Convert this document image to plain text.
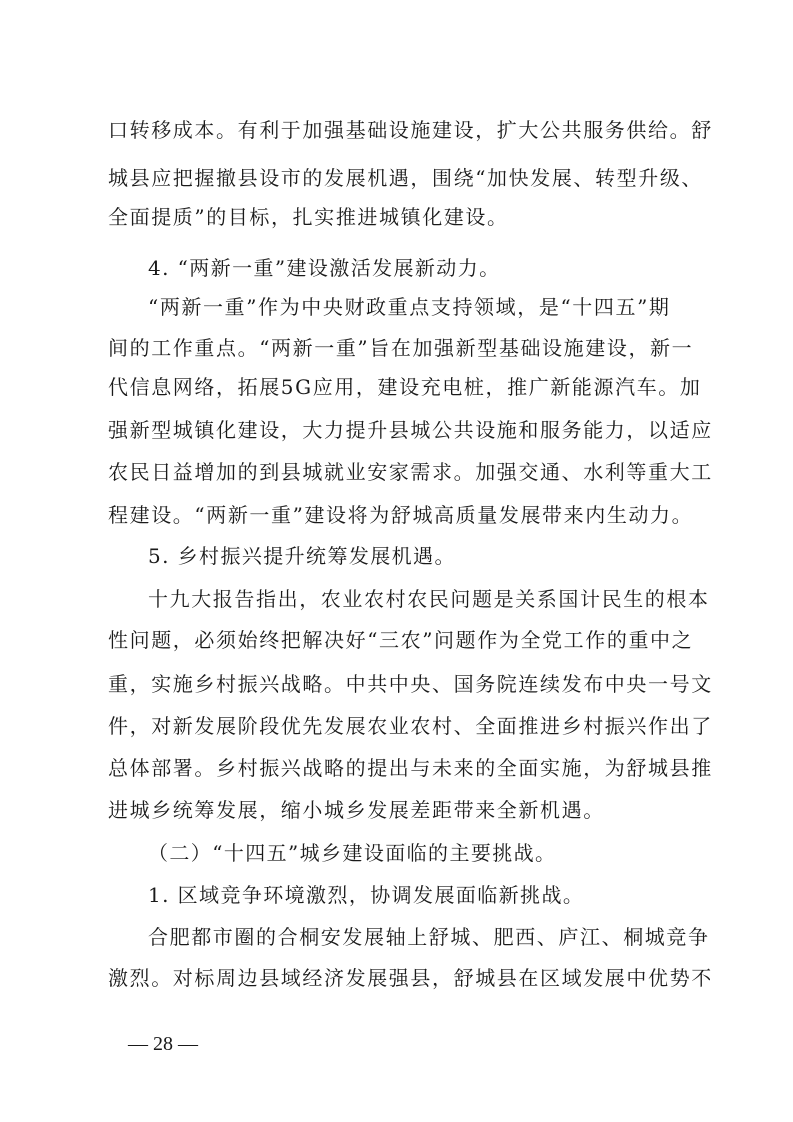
口转移成本。有利于加强基础设施建设，扩大公共服务供给。舒
城县应把握撤县设市的发展机遇，围绕“加快发展、转型升级、
全面提质”的目标，扎实推进城镇化建设。
4. “两新一重”建设激活发展新动力。
“两新一重”作为中央财政重点支持领域，是“十四五”期
间的工作重点。“两新一重”旨在加强新型基础设施建设，新一
代信息网络，拓展5G应用，建设充电桩，推广新能源汽车。加
强新型城镇化建设，大力提升县城公共设施和服务能力，以适应
农民日益增加的到县城就业安家需求。加强交通、水利等重大工
程建设。“两新一重”建设将为舒城高质量发展带来内生动力。
5. 乡村振兴提升统筹发展机遇。
十九大报告指出，农业农村农民问题是关系国计民生的根本
性问题，必须始终把解决好“三农”问题作为全党工作的重中之
重，实施乡村振兴战略。中共中央、国务院连续发布中央一号文
件，对新发展阶段优先发展农业农村、全面推进乡村振兴作出了
总体部署。乡村振兴战略的提出与未来的全面实施，为舒城县推
进城乡统筹发展，缩小城乡发展差距带来全新机遇。
（二）“十四五”城乡建设面临的主要挑战。
1. 区域竞争环境激烈，协调发展面临新挑战。
合肥都市圈的合桐安发展轴上舒城、肥西、庐江、桐城竞争
激烈。对标周边县域经济发展强县，舒城县在区域发展中优势不
— 28 —
